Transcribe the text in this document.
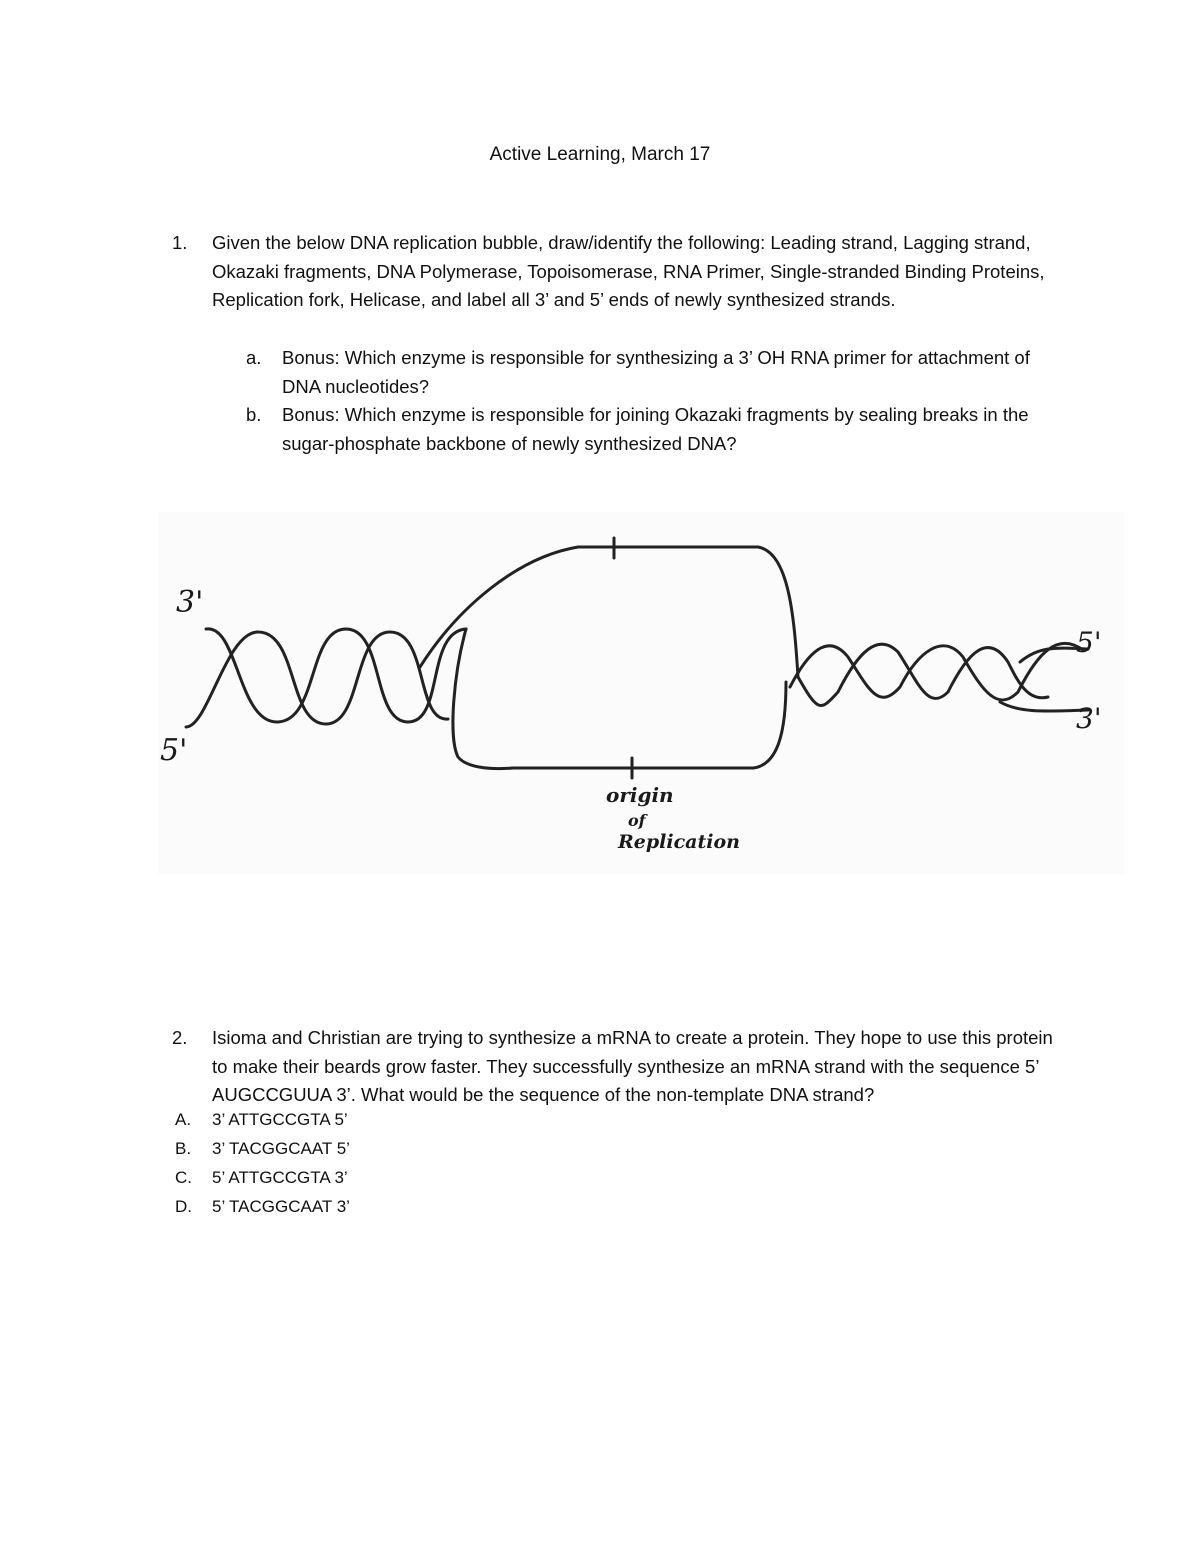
Active Learning, March 17
1. Given the below DNA replication bubble, draw/identify the following: Leading strand, Lagging strand, Okazaki fragments, DNA Polymerase, Topoisomerase, RNA Primer, Single-stranded Binding Proteins, Replication fork, Helicase, and label all 3’ and 5’ ends of newly synthesized strands.
a. Bonus: Which enzyme is responsible for synthesizing a 3’ OH RNA primer for attachment of DNA nucleotides?
b. Bonus: Which enzyme is responsible for joining Okazaki fragments by sealing breaks in the sugar-phosphate backbone of newly synthesized DNA?
3'
5'
5'
3'
origin
of
Replication
2. Isioma and Christian are trying to synthesize a mRNA to create a protein. They hope to use this protein to make their beards grow faster. They successfully synthesize an mRNA strand with the sequence 5’ AUGCCGUUA 3’. What would be the sequence of the non-template DNA strand?
A. 3’ ATTGCCGTA 5’
B. 3’ TACGGCAAT 5’
C. 5’ ATTGCCGTA 3’
D. 5’ TACGGCAAT 3’
